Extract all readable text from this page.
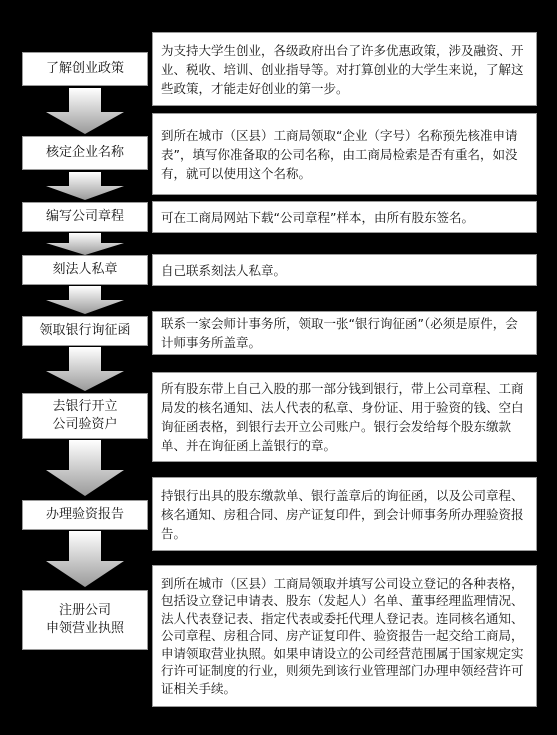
了解创业政策
为支持大学生创业，各级政府出台了许多优惠政策，涉及融资、开业、税收、培训、创业指导等。对打算创业的大学生来说，了解这些政策，才能走好创业的第一步。
核定企业名称
到所在城市（区县）工商局领取“企业（字号）名称预先核准申请表”，填写你准备取的公司名称，由工商局检索是否有重名，如没有，就可以使用这个名称。
编写公司章程	可在工商局网站下载“公司章程”样本，由所有股东签名。
刻法人私章	自己联系刻法人私章。
领取银行询征函	联系一家会师计事务所，领取一张“银行询征函”（必须是原件，会计师事务所盖章。
去银行开立
公司验资户
所有股东带上自己入股的那一部分钱到银行，带上公司章程、工商局发的核名通知、法人代表的私章、身份证、用于验资的钱、空白询征函表格，到银行去开立公司账户。银行会发给每个股东缴款单、并在询征函上盖银行的章。
办理验资报告
持银行出具的股东缴款单、银行盖章后的询征函，以及公司章程、核名通知、房租合同、房产证复印件，到会计师事务所办理验资报告。
注册公司
申领营业执照
到所在城市（区县）工商局领取并填写公司设立登记的各种表格，包括设立登记申请表、股东（发起人）名单、董事经理监理情况、法人代表登记表、指定代表或委托代理人登记表。连同核名通知、公司章程、房租合同、房产证复印件、验资报告一起交给工商局，申请领取营业执照。如果申请设立的公司经营范围属于国家规定实行许可证制度的行业，则须先到该行业管理部门办理申领经营许可证相关手续。
